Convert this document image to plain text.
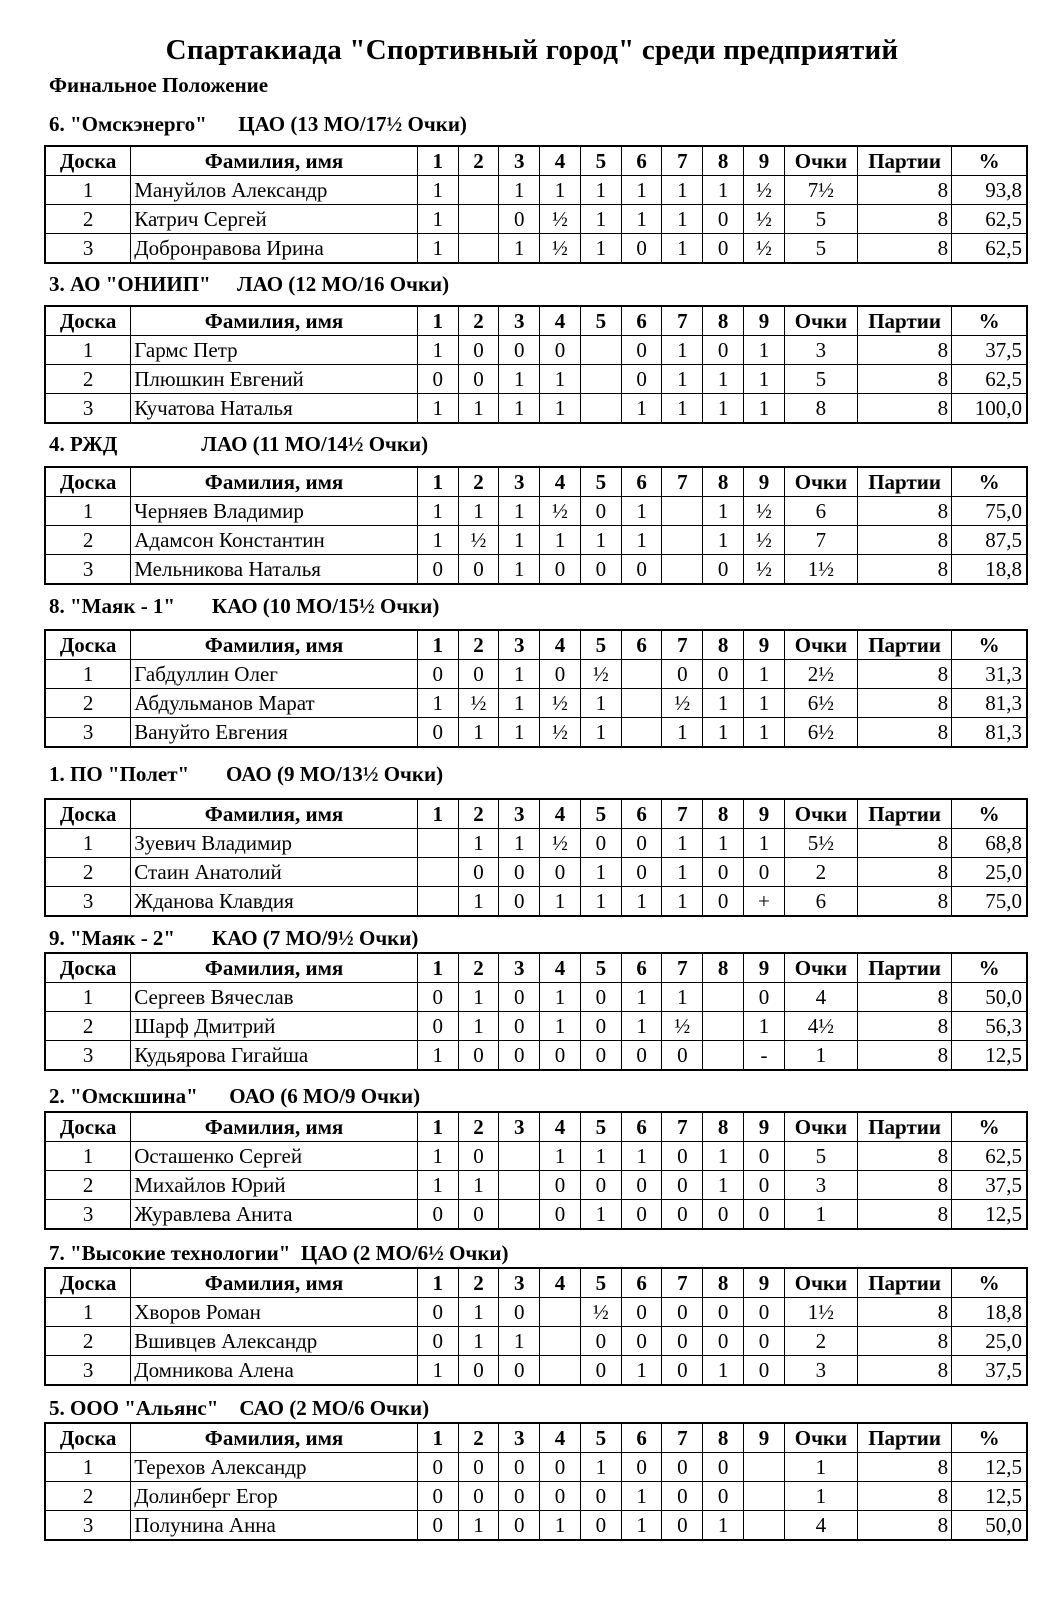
Спартакиада "Спортивный город" среди предприятий
Финальное Положение
6. "Омскэнерго"      ЦАО (13 МО/17½ Очки)
Доска	Фамилия, имя	1	2	3	4	5	6	7	8	9	Очки	Партии	%
1	Мануйлов Александр	1		1	1	1	1	1	1	½	7½	8	93,8
2	Катрич Сергей	1		0	½	1	1	1	0	½	5	8	62,5
3	Добронравова Ирина	1		1	½	1	0	1	0	½	5	8	62,5
3. АО "ОНИИП"     ЛАО (12 МО/16 Очки)
Доска	Фамилия, имя	1	2	3	4	5	6	7	8	9	Очки	Партии	%
1	Гармс Петр	1	0	0	0		0	1	0	1	3	8	37,5
2	Плюшкин Евгений	0	0	1	1		0	1	1	1	5	8	62,5
3	Кучатова Наталья	1	1	1	1		1	1	1	1	8	8	100,0
4. РЖД                ЛАО (11 МО/14½ Очки)
Доска	Фамилия, имя	1	2	3	4	5	6	7	8	9	Очки	Партии	%
1	Черняев Владимир	1	1	1	½	0	1		1	½	6	8	75,0
2	Адамсон Константин	1	½	1	1	1	1		1	½	7	8	87,5
3	Мельникова Наталья	0	0	1	0	0	0		0	½	1½	8	18,8
8. "Маяк - 1"       КАО (10 МО/15½ Очки)
Доска	Фамилия, имя	1	2	3	4	5	6	7	8	9	Очки	Партии	%
1	Габдуллин Олег	0	0	1	0	½		0	0	1	2½	8	31,3
2	Абдульманов Марат	1	½	1	½	1		½	1	1	6½	8	81,3
3	Вануйто Евгения	0	1	1	½	1		1	1	1	6½	8	81,3
1. ПО "Полет"       ОАО (9 МО/13½ Очки)
Доска	Фамилия, имя	1	2	3	4	5	6	7	8	9	Очки	Партии	%
1	Зуевич Владимир		1	1	½	0	0	1	1	1	5½	8	68,8
2	Стаин Анатолий		0	0	0	1	0	1	0	0	2	8	25,0
3	Жданова Клавдия		1	0	1	1	1	1	0	+	6	8	75,0
9. "Маяк - 2"       КАО (7 МО/9½ Очки)
Доска	Фамилия, имя	1	2	3	4	5	6	7	8	9	Очки	Партии	%
1	Сергеев Вячеслав	0	1	0	1	0	1	1		0	4	8	50,0
2	Шарф Дмитрий	0	1	0	1	0	1	½		1	4½	8	56,3
3	Кудьярова Гигайша	1	0	0	0	0	0	0		-	1	8	12,5
2. "Омскшина"      ОАО (6 МО/9 Очки)
Доска	Фамилия, имя	1	2	3	4	5	6	7	8	9	Очки	Партии	%
1	Осташенко Сергей	1	0		1	1	1	0	1	0	5	8	62,5
2	Михайлов Юрий	1	1		0	0	0	0	1	0	3	8	37,5
3	Журавлева Анита	0	0		0	1	0	0	0	0	1	8	12,5
7. "Высокие технологии"  ЦАО (2 МО/6½ Очки)
Доска	Фамилия, имя	1	2	3	4	5	6	7	8	9	Очки	Партии	%
1	Хворов Роман	0	1	0		½	0	0	0	0	1½	8	18,8
2	Вшивцев Александр	0	1	1		0	0	0	0	0	2	8	25,0
3	Домникова Алена	1	0	0		0	1	0	1	0	3	8	37,5
5. ООО "Альянс"    САО (2 МО/6 Очки)
Доска	Фамилия, имя	1	2	3	4	5	6	7	8	9	Очки	Партии	%
1	Терехов Александр	0	0	0	0	1	0	0	0		1	8	12,5
2	Долинберг Егор	0	0	0	0	0	1	0	0		1	8	12,5
3	Полунина Анна	0	1	0	1	0	1	0	1		4	8	50,0
